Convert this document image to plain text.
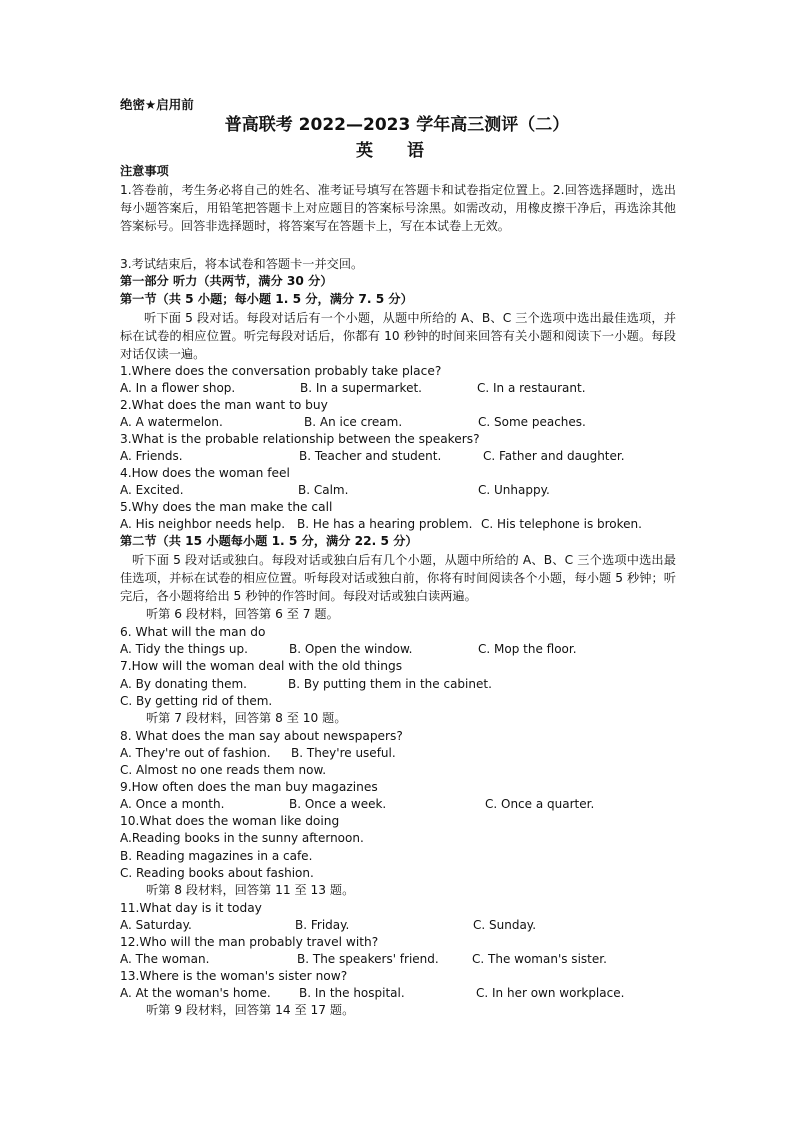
绝密★启用前
普高联考 2022—2023 学年高三测评（二）
英 语
注意事项
1.答卷前，考生务必将自己的姓名、准考证号填写在答题卡和试卷指定位置上。2.回答选择题时，选出每小题答案后，用铅笔把答题卡上对应题目的答案标号涂黑。如需改动，用橡皮擦干净后，再选涂其他答案标号。回答非选择题时，将答案写在答题卡上，写在本试卷上无效。
3.考试结束后，将本试卷和答题卡一并交回。
第一部分 听力（共两节，满分 30 分）
第一节（共 5 小题；每小题 1. 5 分，满分 7. 5 分）
听下面 5 段对话。每段对话后有一个小题，从题中所给的 A、B、C 三个选项中选出最佳选项，并标在试卷的相应位置。听完每段对话后，你都有 10 秒钟的时间来回答有关小题和阅读下一小题。每段对话仅读一遍。
1.Where does the conversation probably take place?
A. In a flower shop.	B. In a supermarket.	C. In a restaurant.
2.What does the man want to buy
A. A watermelon.	B. An ice cream.	C. Some peaches.
3.What is the probable relationship between the speakers?
A. Friends.	B. Teacher and student.	C. Father and daughter.
4.How does the woman feel
A. Excited.	B. Calm.	C. Unhappy.
5.Why does the man make the call
A. His neighbor needs help. B. He has a hearing problem. C. His telephone is broken.
第二节（共 15 小题每小题 1. 5 分，满分 22. 5 分）
听下面 5 段对话或独白。每段对话或独白后有几个小题，从题中所给的 A、B、C 三个选项中选出最佳选项，并标在试卷的相应位置。听每段对话或独白前，你将有时间阅读各个小题，每小题 5 秒钟；听完后，各小题将给出 5 秒钟的作答时间。每段对话或独白读两遍。
听第 6 段材料，回答第 6 至 7 题。
6. What will the man do
A. Tidy the things up.	B. Open the window.	C. Mop the floor.
7.How will the woman deal with the old things
A. By donating them.	B. By putting them in the cabinet.
C. By getting rid of them.
听第 7 段材料，回答第 8 至 10 题。
8. What does the man say about newspapers?
A. They're out of fashion. B. They're useful.
C. Almost no one reads them now.
9.How often does the man buy magazines
A. Once a month.	B. Once a week.	C. Once a quarter.
10.What does the woman like doing
A.Reading books in the sunny afternoon.
B. Reading magazines in a cafe.
C. Reading books about fashion.
听第 8 段材料，回答第 11 至 13 题。
11.What day is it today
A. Saturday.	B. Friday.	C. Sunday.
12.Who will the man probably travel with?
A. The woman.	B. The speakers' friend.	C. The woman's sister.
13.Where is the woman's sister now?
A. At the woman's home. B. In the hospital.	C. In her own workplace.
听第 9 段材料，回答第 14 至 17 题。
